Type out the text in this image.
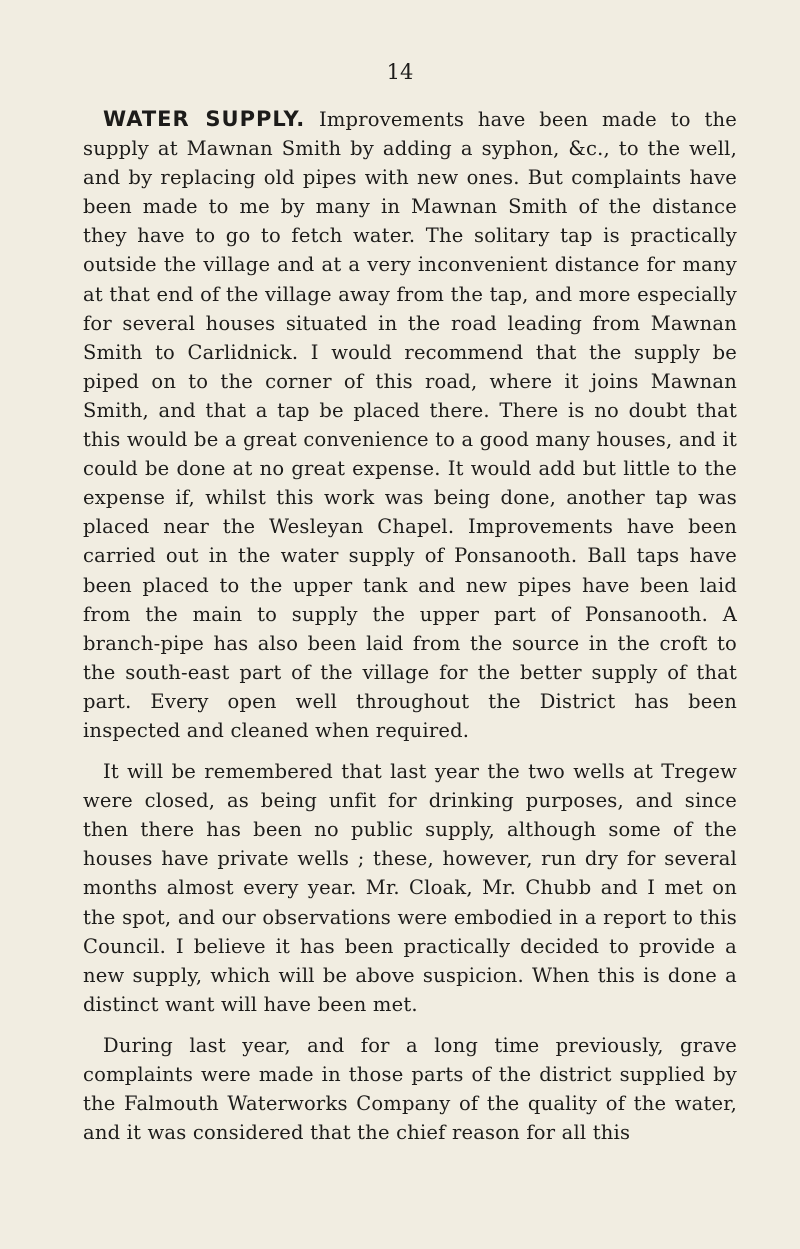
14

WATER SUPPLY. Improvements have been made to the supply at Mawnan Smith by adding a syphon, &c., to the well, and by replacing old pipes with new ones. But complaints have been made to me by many in Mawnan Smith of the distance they have to go to fetch water. The solitary tap is practically outside the village and at a very inconvenient distance for many at that end of the village away from the tap, and more especially for several houses situated in the road leading from Mawnan Smith to Carlidnick. I would recommend that the supply be piped on to the corner of this road, where it joins Mawnan Smith, and that a tap be placed there. There is no doubt that this would be a great convenience to a good many houses, and it could be done at no great expense. It would add but little to the expense if, whilst this work was being done, another tap was placed near the Wesleyan Chapel. Improvements have been carried out in the water supply of Ponsanooth. Ball taps have been placed to the upper tank and new pipes have been laid from the main to supply the upper part of Ponsanooth. A branch-pipe has also been laid from the source in the croft to the south-east part of the village for the better supply of that part. Every open well throughout the District has been inspected and cleaned when required.

It will be remembered that last year the two wells at Tregew were closed, as being unfit for drinking purposes, and since then there has been no public supply, although some of the houses have private wells ; these, however, run dry for several months almost every year. Mr. Cloak, Mr. Chubb and I met on the spot, and our observations were embodied in a report to this Council. I believe it has been practically decided to provide a new supply, which will be above suspicion. When this is done a distinct want will have been met.

During last year, and for a long time previously, grave complaints were made in those parts of the district supplied by the Falmouth Waterworks Company of the quality of the water, and it was considered that the chief reason for all this
